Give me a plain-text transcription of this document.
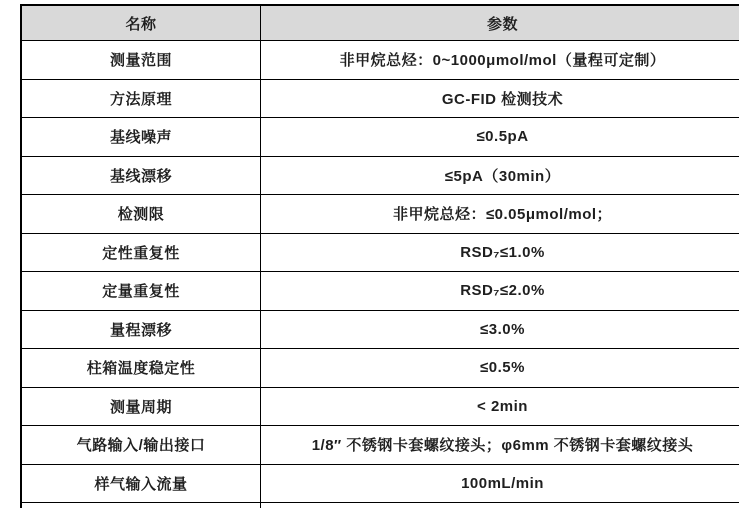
名称	参数
测量范围	非甲烷总烃：0~1000μmol/mol（量程可定制）
方法原理	GC-FID 检测技术
基线噪声	≤0.5pA
基线漂移	≤5pA（30min）
检测限	非甲烷总烃：≤0.05μmol/mol；
定性重复性	RSD₇≤1.0%
定量重复性	RSD₇≤2.0%
量程漂移	≤3.0%
柱箱温度稳定性	≤0.5%
测量周期	< 2min
气路输入/输出接口	1/8″ 不锈钢卡套螺纹接头；φ6mm 不锈钢卡套螺纹接头
样气输入流量	100mL/min
